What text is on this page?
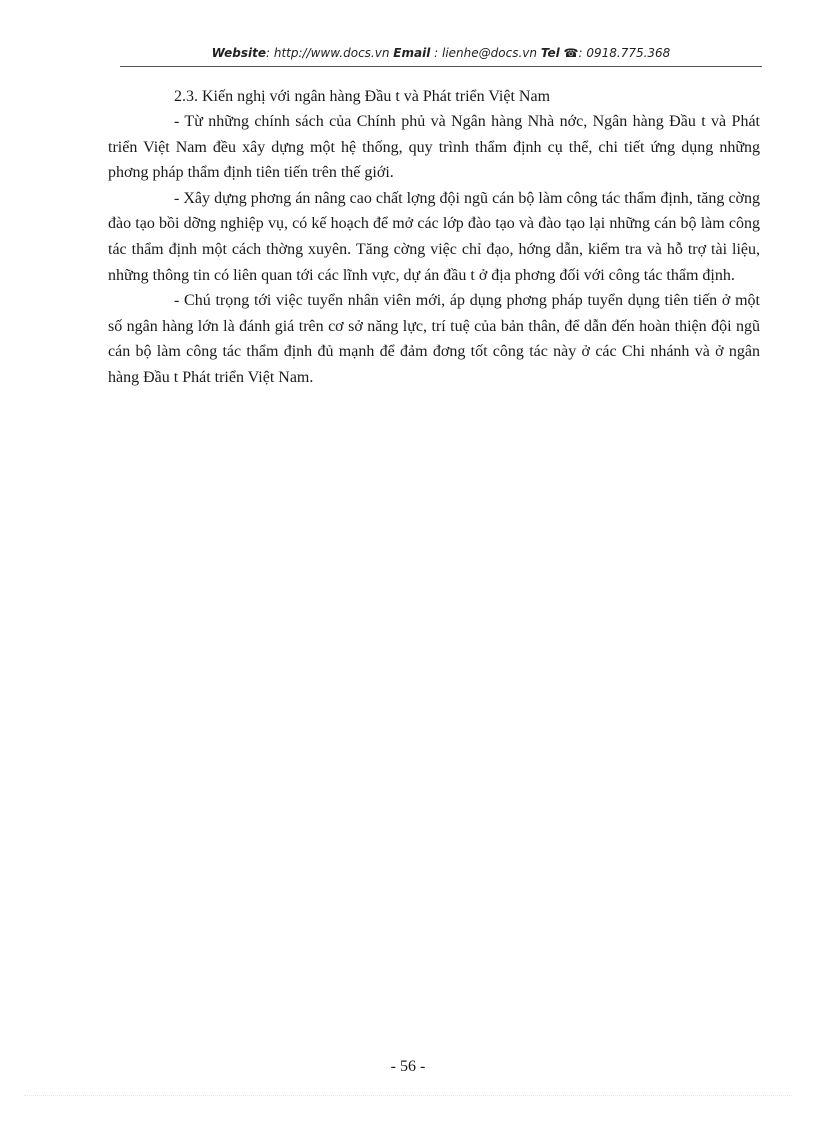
Website: http://www.docs.vn Email : lienhe@docs.vn Tel ☎: 0918.775.368

2.3. Kiến nghị với ngân hàng Đầu t và Phát triển Việt Nam

- Từ những chính sách của Chính phủ và Ngân hàng Nhà nớc, Ngân hàng Đầu t và Phát triển Việt Nam đều xây dựng một hệ thống, quy trình thẩm định cụ thể, chi tiết ứng dụng những phơng pháp thẩm định tiên tiến trên thế giới.

- Xây dựng phơng án nâng cao chất lợng đội ngũ cán bộ làm công tác thẩm định, tăng cờng đào tạo bồi dỡng nghiệp vụ, có kế hoạch để mở các lớp đào tạo và đào tạo lại những cán bộ làm công tác thẩm định một cách thờng xuyên. Tăng cờng việc chỉ đạo, hớng dẫn, kiểm tra và hỗ trợ tài liệu, những thông tin có liên quan tới các lĩnh vực, dự án đầu t ở địa phơng đối với công tác thẩm định.

- Chú trọng tới việc tuyển nhân viên mới, áp dụng phơng pháp tuyển dụng tiên tiến ở một số ngân hàng lớn là đánh giá trên cơ sở năng lực, trí tuệ của bản thân, để dẫn đến hoàn thiện đội ngũ cán bộ làm công tác thẩm định đủ mạnh để đảm đơng tốt công tác này ở các Chi nhánh và ở ngân hàng Đầu t Phát triển Việt Nam.

- 56 -
